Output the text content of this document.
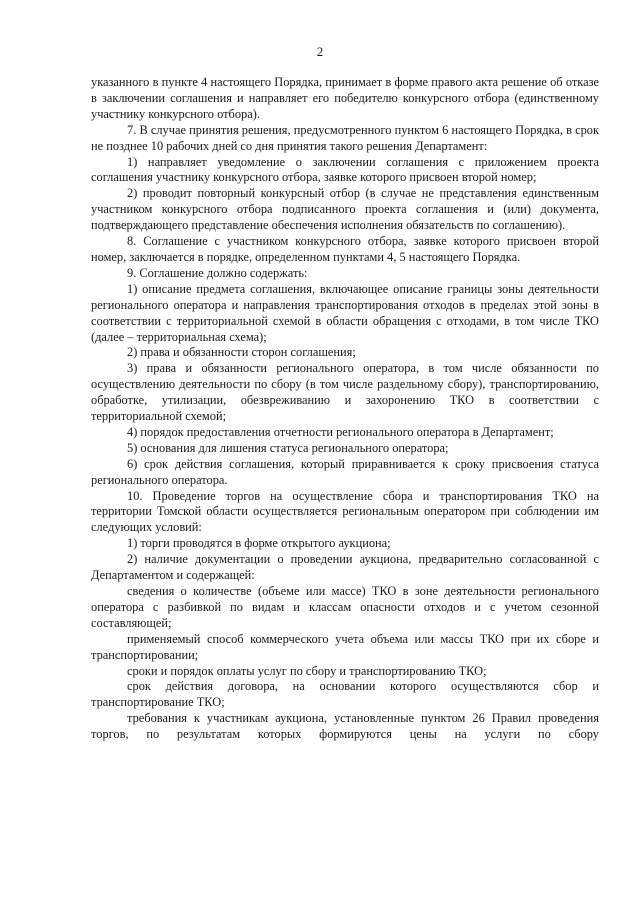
2

указанного в пункте 4 настоящего Порядка, принимает в форме правого акта решение об отказе в заключении соглашения и направляет его победителю конкурсного отбора (единственному участнику конкурсного отбора).

7. В случае принятия решения, предусмотренного пунктом 6 настоящего Порядка, в срок не позднее 10 рабочих дней со дня принятия такого решения Департамент:

1) направляет уведомление о заключении соглашения с приложением проекта соглашения участнику конкурсного отбора, заявке которого присвоен второй номер;

2) проводит повторный конкурсный отбор (в случае не представления единственным участником конкурсного отбора подписанного проекта соглашения и (или) документа, подтверждающего представление обеспечения исполнения обязательств по соглашению).

8. Соглашение с участником конкурсного отбора, заявке которого присвоен второй номер, заключается в порядке, определенном пунктами 4, 5 настоящего Порядка.

9. Соглашение должно содержать:

1) описание предмета соглашения, включающее описание границы зоны деятельности регионального оператора и направления транспортирования отходов в пределах этой зоны в соответствии с территориальной схемой в области обращения с отходами, в том числе ТКО (далее – территориальная схема);

2) права и обязанности сторон соглашения;

3) права и обязанности регионального оператора, в том числе обязанности по осуществлению деятельности по сбору (в том числе раздельному сбору), транспортированию, обработке, утилизации, обезвреживанию и захоронению ТКО в соответствии с территориальной схемой;

4) порядок предоставления отчетности регионального оператора в Департамент;

5) основания для лишения статуса регионального оператора;

6) срок действия соглашения, который приравнивается к сроку присвоения статуса регионального оператора.

10. Проведение торгов на осуществление сбора и транспортирования ТКО на территории Томской области осуществляется региональным оператором при соблюдении им следующих условий:

1) торги проводятся в форме открытого аукциона;

2) наличие документации о проведении аукциона, предварительно согласованной с Департаментом и содержащей:

сведения о количестве (объеме или массе) ТКО в зоне деятельности регионального оператора с разбивкой по видам и классам опасности отходов и с учетом сезонной составляющей;

применяемый способ коммерческого учета объема или массы ТКО при их сборе и транспортировании;

сроки и порядок оплаты услуг по сбору и транспортированию ТКО;

срок действия договора, на основании которого осуществляются сбор и транспортирование ТКО;

требования к участникам аукциона, установленные пунктом 26 Правил проведения торгов, по результатам которых формируются цены на услуги по сбору
